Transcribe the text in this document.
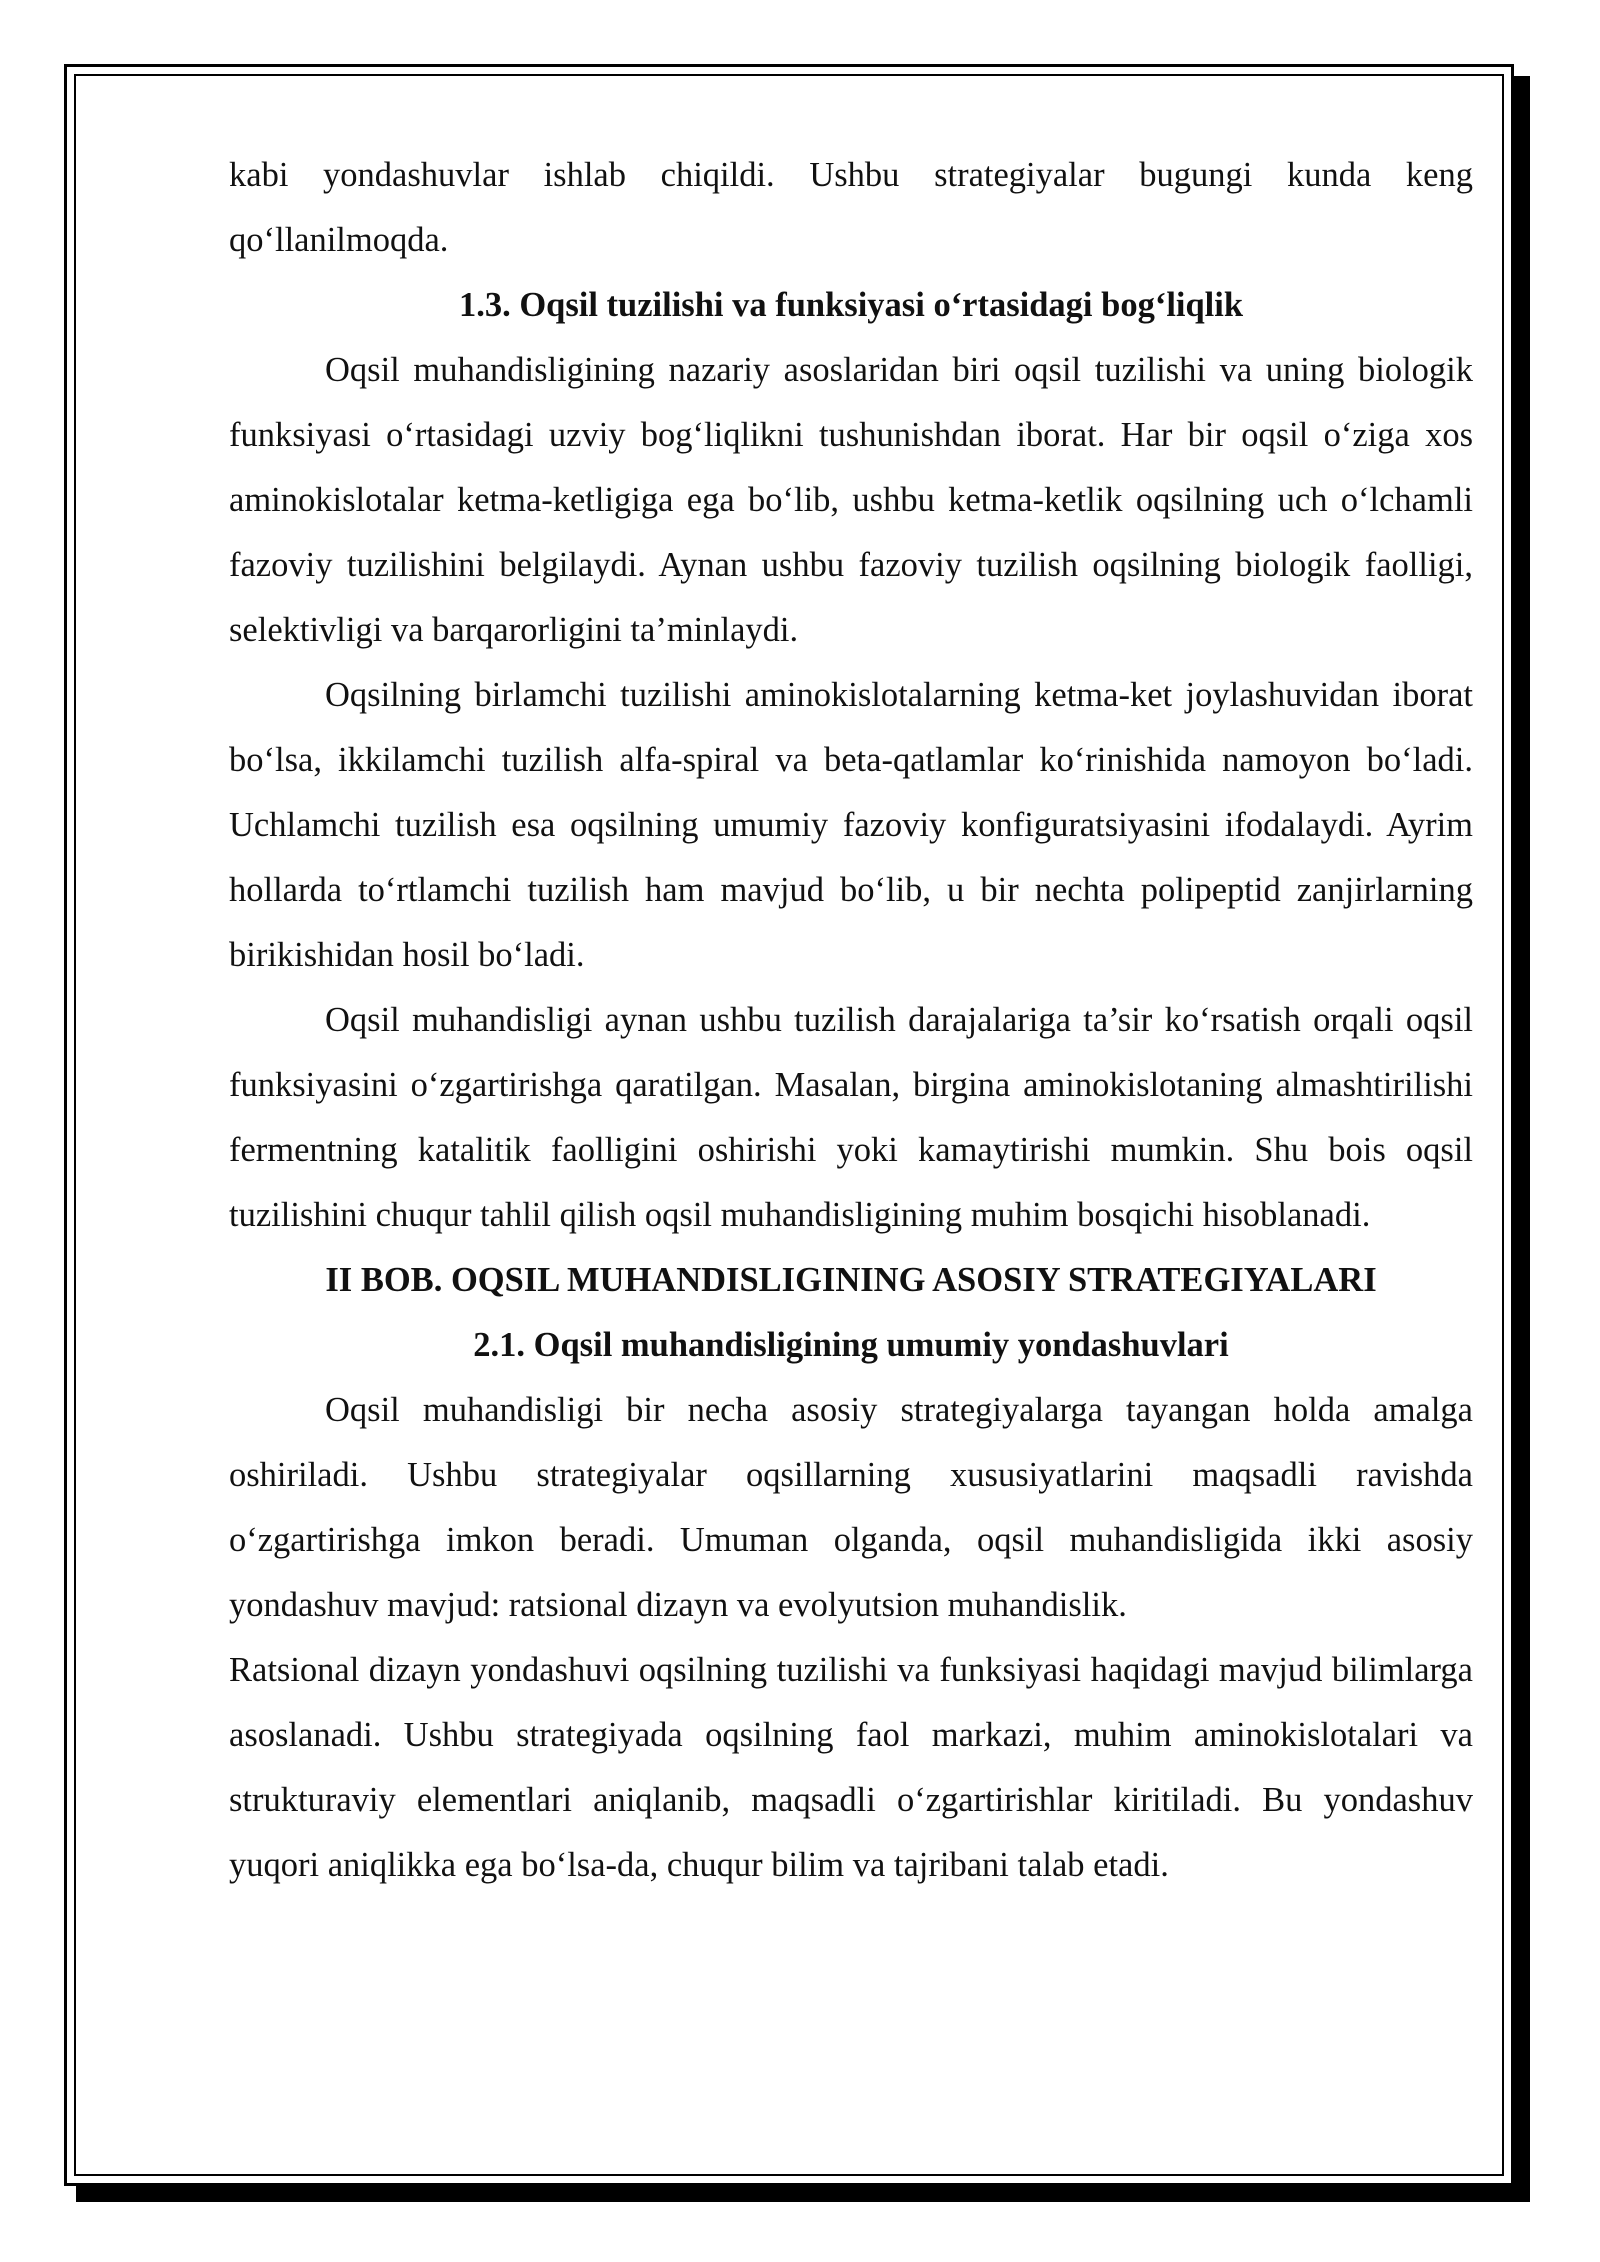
kabi yondashuvlar ishlab chiqildi. Ushbu strategiyalar bugungi kunda keng qo‘llanilmoqda.

1.3. Oqsil tuzilishi va funksiyasi o‘rtasidagi bog‘liqlik

Oqsil muhandisligining nazariy asoslaridan biri oqsil tuzilishi va uning biologik funksiyasi o‘rtasidagi uzviy bog‘liqlikni tushunishdan iborat. Har bir oqsil o‘ziga xos aminokislotalar ketma-ketligiga ega bo‘lib, ushbu ketma-ketlik oqsilning uch o‘lchamli fazoviy tuzilishini belgilaydi. Aynan ushbu fazoviy tuzilish oqsilning biologik faolligi, selektivligi va barqarorligini ta’minlaydi.

Oqsilning birlamchi tuzilishi aminokislotalarning ketma-ket joylashuvidan iborat bo‘lsa, ikkilamchi tuzilish alfa-spiral va beta-qatlamlar ko‘rinishida namoyon bo‘ladi. Uchlamchi tuzilish esa oqsilning umumiy fazoviy konfiguratsiyasini ifodalaydi. Ayrim hollarda to‘rtlamchi tuzilish ham mavjud bo‘lib, u bir nechta polipeptid zanjirlarning birikishidan hosil bo‘ladi.

Oqsil muhandisligi aynan ushbu tuzilish darajalariga ta’sir ko‘rsatish orqali oqsil funksiyasini o‘zgartirishga qaratilgan. Masalan, birgina aminokislotaning almashtirilishi fermentning katalitik faolligini oshirishi yoki kamaytirishi mumkin. Shu bois oqsil tuzilishini chuqur tahlil qilish oqsil muhandisligining muhim bosqichi hisoblanadi.

II BOB. OQSIL MUHANDISLIGINING ASOSIY STRATEGIYALARI
2.1. Oqsil muhandisligining umumiy yondashuvlari

Oqsil muhandisligi bir necha asosiy strategiyalarga tayangan holda amalga oshiriladi. Ushbu strategiyalar oqsillarning xususiyatlarini maqsadli ravishda o‘zgartirishga imkon beradi. Umuman olganda, oqsil muhandisligida ikki asosiy yondashuv mavjud: ratsional dizayn va evolyutsion muhandislik.

Ratsional dizayn yondashuvi oqsilning tuzilishi va funksiyasi haqidagi mavjud bilimlarga asoslanadi. Ushbu strategiyada oqsilning faol markazi, muhim aminokislotalari va strukturaviy elementlari aniqlanib, maqsadli o‘zgartirishlar kiritiladi. Bu yondashuv yuqori aniqlikka ega bo‘lsa-da, chuqur bilim va tajribani talab etadi.
